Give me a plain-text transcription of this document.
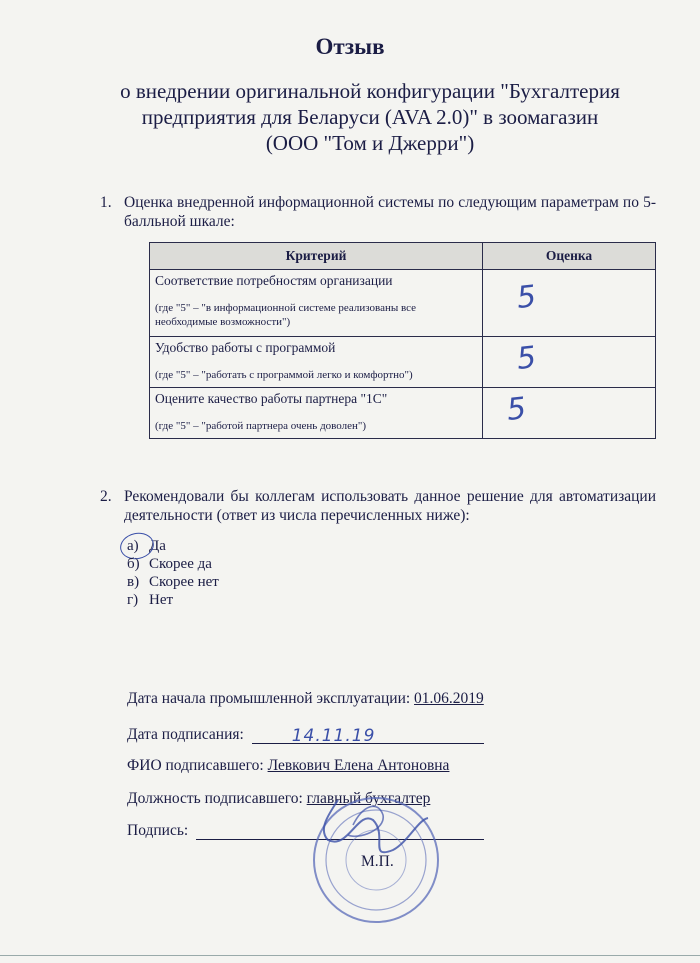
Отзыв
о внедрении оригинальной конфигурации "Бухгалтерия
предприятия для Беларуси (AVA 2.0)" в зоомагазин
(ООО "Том и Джерри")
1. Оценка внедренной информационной системы по следующим параметрам по 5-балльной шкале:
Критерий	Оценка
Соответствие потребностям организации
(где "5" – "в информационной системе реализованы все необходимые возможности")	5

Удобство работы с программой
(где "5" – "работать с программой легко и комфортно")	5

Оцените качество работы партнера "1С"
(где "5" – "работой партнера очень доволен")	5
2. Рекомендовали бы коллегам использовать данное решение для автоматизации деятельности (ответ из числа перечисленных ниже):
а) Да
б) Скорее да
в) Скорее нет
г) Нет
Дата начала промышленной эксплуатации: 01.06.2019
Дата подписания:	14.11.19
ФИО подписавшего: Левкович Елена Антоновна
Должность подписавшего: главный бухгалтер
Подпись:
М.П.
